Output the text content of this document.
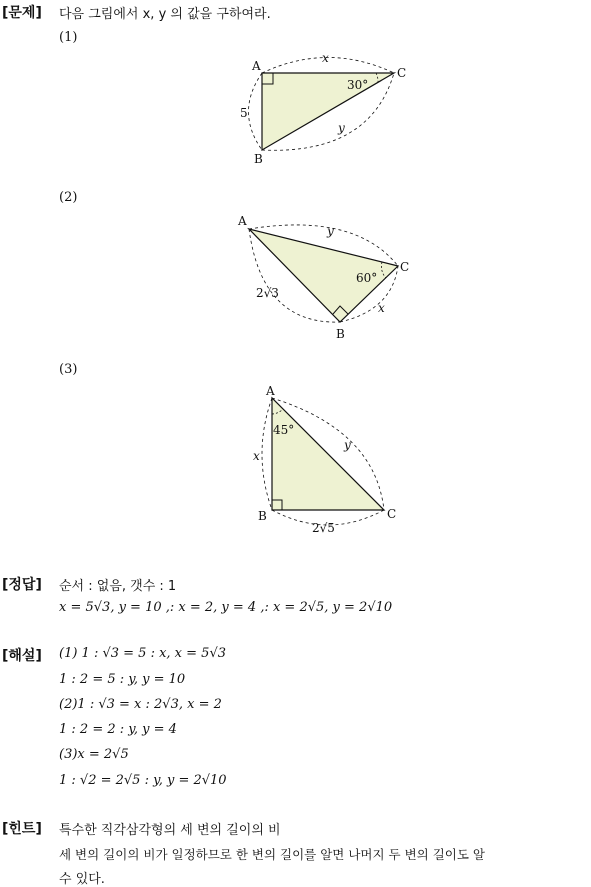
[문제] 다음 그림에서 x, y 의 값을 구하여라.
(1)
(2)
(3)
A
B
C
30°
5
x
y
A
B
C
60°
2√3
y
x
A
B	C
45°
x
y
2√5
[정답] 순서 : 없음, 갯수 : 1
x = 5√3, y = 10 ,: x = 2, y = 4 ,: x = 2√5, y = 2√10
[해설] (1) 1 : √3 = 5 : x, x = 5√3
1 : 2 = 5 : y, y = 10
(2)1 : √3 = x : 2√3, x = 2
1 : 2 = 2 : y, y = 4
(3)x = 2√5
1 : √2 = 2√5 : y, y = 2√10
[힌트] 특수한 직각삼각형의 세 변의 길이의 비
세 변의 길이의 비가 일정하므로 한 변의 길이를 알면 나머지 두 변의 길이도 알
수 있다.
